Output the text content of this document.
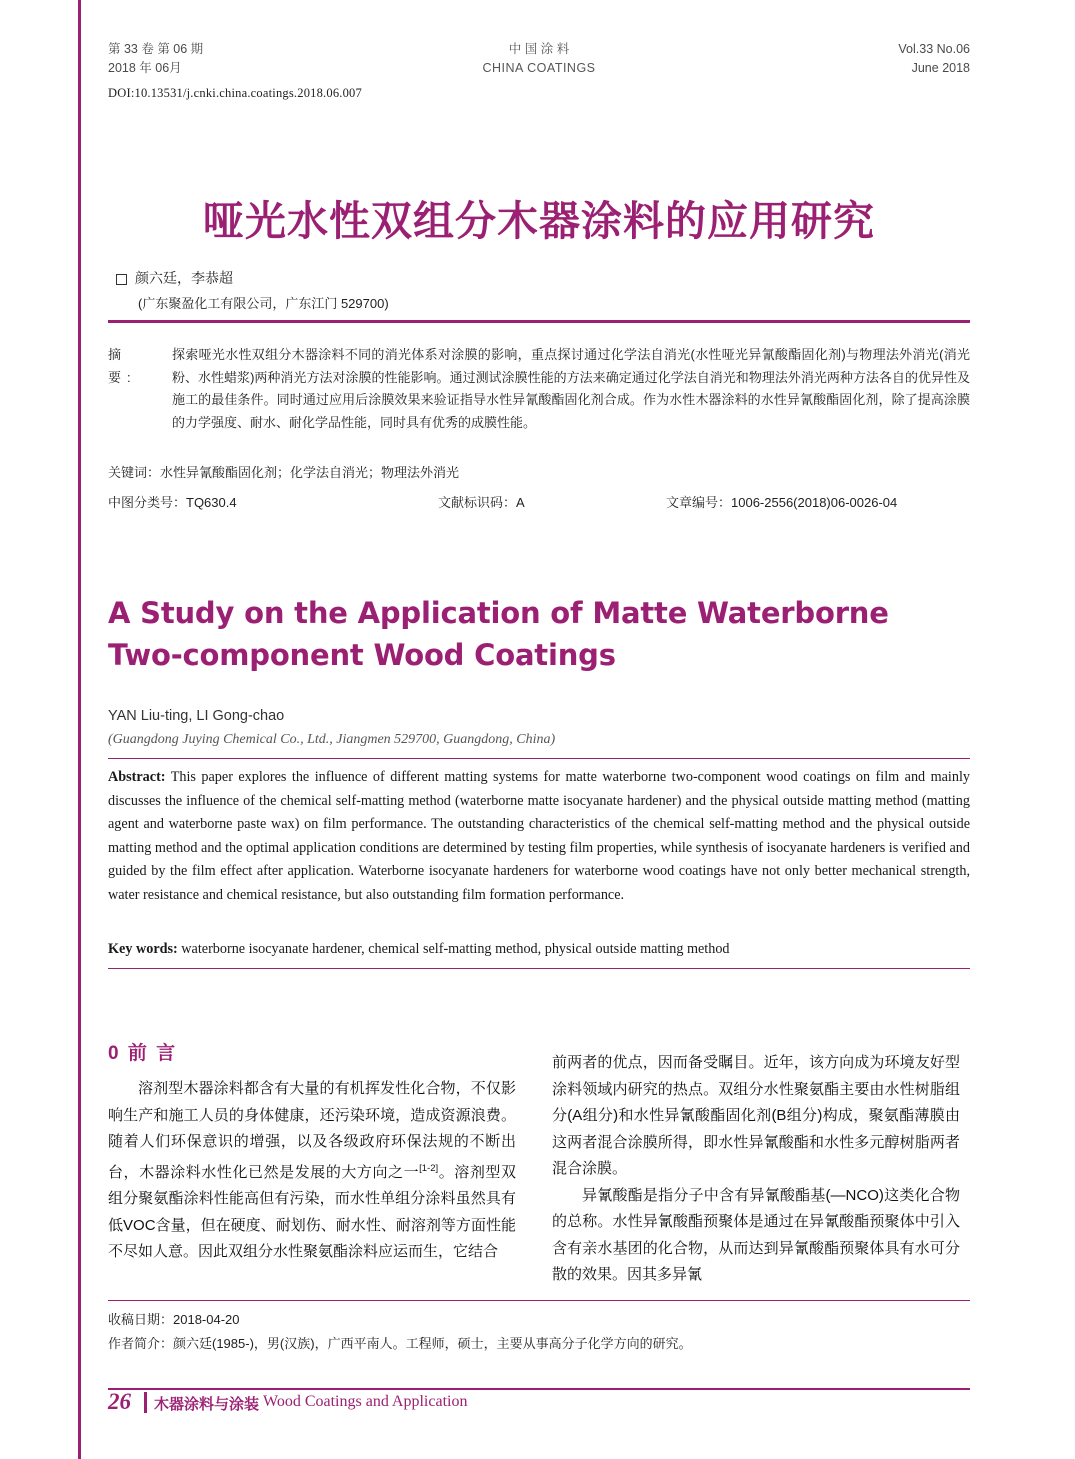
第 33 卷 第 06 期
2018 年 06月
中 国 涂 料
CHINA COATINGS
Vol.33 No.06
June 2018
DOI:10.13531/j.cnki.china.coatings.2018.06.007
哑光水性双组分木器涂料的应用研究
颜六廷，李恭超
(广东聚盈化工有限公司，广东江门 529700)
摘 要:
探索哑光水性双组分木器涂料不同的消光体系对涂膜的影响，重点探讨通过化学法自消光(水性哑光异氰酸酯固化剂)与物理法外消光(消光粉、水性蜡浆)两种消光方法对涂膜的性能影响。通过测试涂膜性能的方法来确定通过化学法自消光和物理法外消光两种方法各自的优异性及施工的最佳条件。同时通过应用后涂膜效果来验证指导水性异氰酸酯固化剂合成。作为水性木器涂料的水性异氰酸酯固化剂，除了提高涂膜的力学强度、耐水、耐化学品性能，同时具有优秀的成膜性能。
关键词：水性异氰酸酯固化剂；化学法自消光；物理法外消光
中图分类号：TQ630.4	文献标识码：A	文章编号：1006-2556(2018)06-0026-04
A Study on the Application of Matte Waterborne
Two-component Wood Coatings
YAN Liu-ting, LI Gong-chao
(Guangdong Juying Chemical Co., Ltd., Jiangmen 529700, Guangdong, China)
Abstract: This paper explores the influence of different matting systems for matte waterborne two-component wood coatings on film and mainly discusses the influence of the chemical self-matting method (waterborne matte isocyanate hardener) and the physical outside matting method (matting agent and waterborne paste wax) on film performance. The outstanding characteristics of the chemical self-matting method and the physical outside matting method and the optimal application conditions are determined by testing film properties, while synthesis of isocyanate hardeners is verified and guided by the film effect after application. Waterborne isocyanate hardeners for waterborne wood coatings have not only better mechanical strength, water resistance and chemical resistance, but also outstanding film formation performance.
Key words: waterborne isocyanate hardener, chemical self-matting method, physical outside matting method
0 前 言

溶剂型木器涂料都含有大量的有机挥发性化合物，不仅影响生产和施工人员的身体健康，还污染环境，造成资源浪费。随着人们环保意识的增强，以及各级政府环保法规的不断出台，木器涂料水性化已然是发展的大方向之一[1-2]。溶剂型双组分聚氨酯涂料性能高但有污染，而水性单组分涂料虽然具有低VOC含量，但在硬度、耐划伤、耐水性、耐溶剂等方面性能不尽如人意。因此双组分水性聚氨酯涂料应运而生，它结合

前两者的优点，因而备受瞩目。近年，该方向成为环境友好型涂料领域内研究的热点。双组分水性聚氨酯主要由水性树脂组分(A组分)和水性异氰酸酯固化剂(B组分)构成，聚氨酯薄膜由这两者混合涂膜所得，即水性异氰酸酯和水性多元醇树脂两者混合涂膜。

异氰酸酯是指分子中含有异氰酸酯基(—NCO)这类化合物的总称。水性异氰酸酯预聚体是通过在异氰酸酯预聚体中引入含有亲水基团的化合物，从而达到异氰酸酯预聚体具有水可分散的效果。因其多异氰

收稿日期：2018-04-20
作者简介：颜六廷(1985-)，男(汉族)，广西平南人。工程师，硕士，主要从事高分子化学方向的研究。
26 木器涂料与涂装 Wood Coatings and Application
